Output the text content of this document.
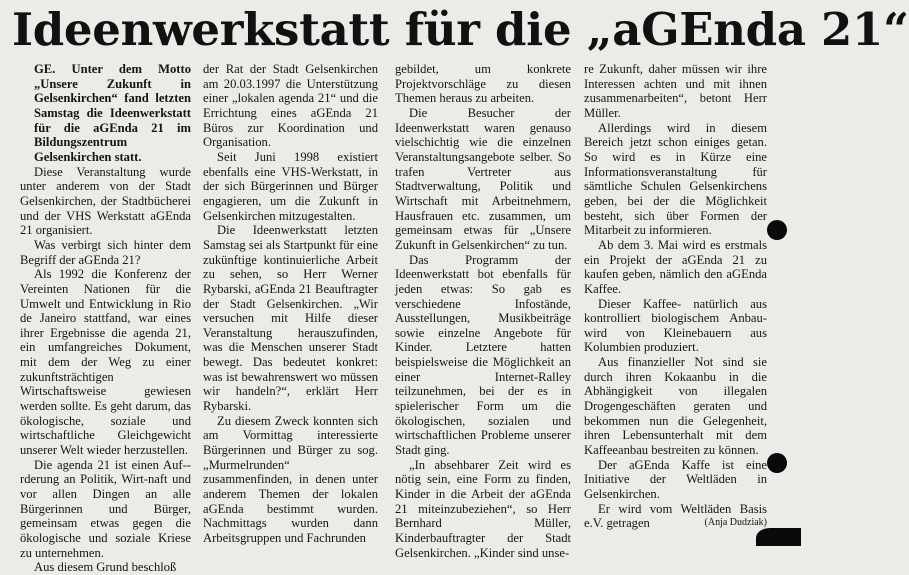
Ideenwerkstatt für die „aGEnda 21“

GE. Unter dem Motto „Unsere Zukunft in Gelsenkirchen“ fand letzten Samstag die Ideenwerkstatt für die aGEnda 21 im Bildungszentrum Gelsenkirchen statt.

Diese Veranstaltung wurde unter anderem von der Stadt Gelsenkirchen, der Stadtbücherei und der VHS Werkstatt aGEnda 21 organisiert.

Was verbirgt sich hinter dem Begriff der aGEnda 21?

Als 1992 die Konferenz der Vereinten Nationen für die Umwelt und Entwicklung in Rio de Janeiro stattfand, war eines ihrer Ergebnisse die agenda 21, ein umfangreiches Dokument, mit dem der Weg zu einer zukunftsträchtigen Wirtschaftsweise gewiesen werden sollte. Es geht darum, das ökologische, soziale und wirtschaftliche Gleichgewicht unserer Welt wieder herzustellen.

Die agenda 21 ist einen Auf-rderung an Politik, Wirt-naft und vor allen Dingen an alle Bürgerinnen und Bürger, gemeinsam etwas gegen die ökologische und soziale Kriese zu unternehmen.

Aus diesem Grund beschloß

der Rat der Stadt Gelsenkirchen am 20.03.1997 die Unterstützung einer „lokalen agenda 21“ und die Errichtung eines aGEnda 21 Büros zur Koordination und Organisation.

Seit Juni 1998 existiert ebenfalls eine VHS-Werkstatt, in der sich Bürgerinnen und Bürger engagieren, um die Zukunft in Gelsenkirchen mitzugestalten.

Die Ideenwerkstatt letzten Samstag sei als Startpunkt für eine zukünftige kontinuierliche Arbeit zu sehen, so Herr Werner Rybarski, aGEnda 21 Beauftragter der Stadt Gelsenkirchen. „Wir versuchen mit Hilfe dieser Veranstaltung herauszufinden, was die Menschen unserer Stadt bewegt. Das bedeutet konkret: was ist bewahrenswert wo müssen wir handeln?“, erklärt Herr Rybarski.

Zu diesem Zweck konnten sich am Vormittag interessierte Bürgerinnen und Bürger zu sog. „Murmelrunden“ zusammenfinden, in denen unter anderem Themen der lokalen aGEnda bestimmt wurden. Nachmittags wurden dann Arbeitsgruppen und Fachrunden

gebildet, um konkrete Projektvorschläge zu diesen Themen heraus zu arbeiten.

Die Besucher der Ideenwerkstatt waren genauso vielschichtig wie die einzelnen Veranstaltungsangebote selber. So trafen Vertreter aus Stadtverwaltung, Politik und Wirtschaft mit Arbeitnehmern, Hausfrauen etc. zusammen, um gemeinsam etwas für „Unsere Zukunft in Gelsenkirchen“ zu tun.

Das Programm der Ideenwerkstatt bot ebenfalls für jeden etwas: So gab es verschiedene Infostände, Ausstellungen, Musikbeiträge sowie einzelne Angebote für Kinder. Letztere hatten beispielsweise die Möglichkeit an einer Internet-Ralley teilzunehmen, bei der es in spielerischer Form um die ökologischen, sozialen und wirtschaftlichen Probleme unserer Stadt ging.

„In absehbarer Zeit wird es nötig sein, eine Form zu finden, Kinder in die Arbeit der aGEnda 21 miteinzubeziehen“, so Herr Bernhard Müller, Kinderbauftragter der Stadt Gelsenkirchen. „Kinder sind unse-

re Zukunft, daher müssen wir ihre Interessen achten und mit ihnen zusammenarbeiten“, betont Herr Müller.

Allerdings wird in diesem Bereich jetzt schon einiges getan. So wird es in Kürze eine Informationsveranstaltung für sämtliche Schulen Gelsenkirchens geben, bei der die Möglichkeit besteht, sich über Formen der Mitarbeit zu informieren.

Ab dem 3. Mai wird es erstmals ein Projekt der aGEnda 21 zu kaufen geben, nämlich den aGEnda Kaffee.

Dieser Kaffee- natürlich aus kontrolliert biologischem Anbau- wird von Kleinebauern aus Kolumbien produziert.

Aus finanzieller Not sind sie durch ihren Kokaanbu in die Abhängigkeit von illegalen Drogengeschäften geraten und bekommen nun die Gelegenheit, ihren Lebensunterhalt mit dem Kaffeeanbau bestreiten zu können.

Der aGEnda Kaffe ist eine Initiative der Weltläden in Gelsenkirchen.

Er wird vom Weltläden Basis e.V. getragen	(Anja Dudziak)
